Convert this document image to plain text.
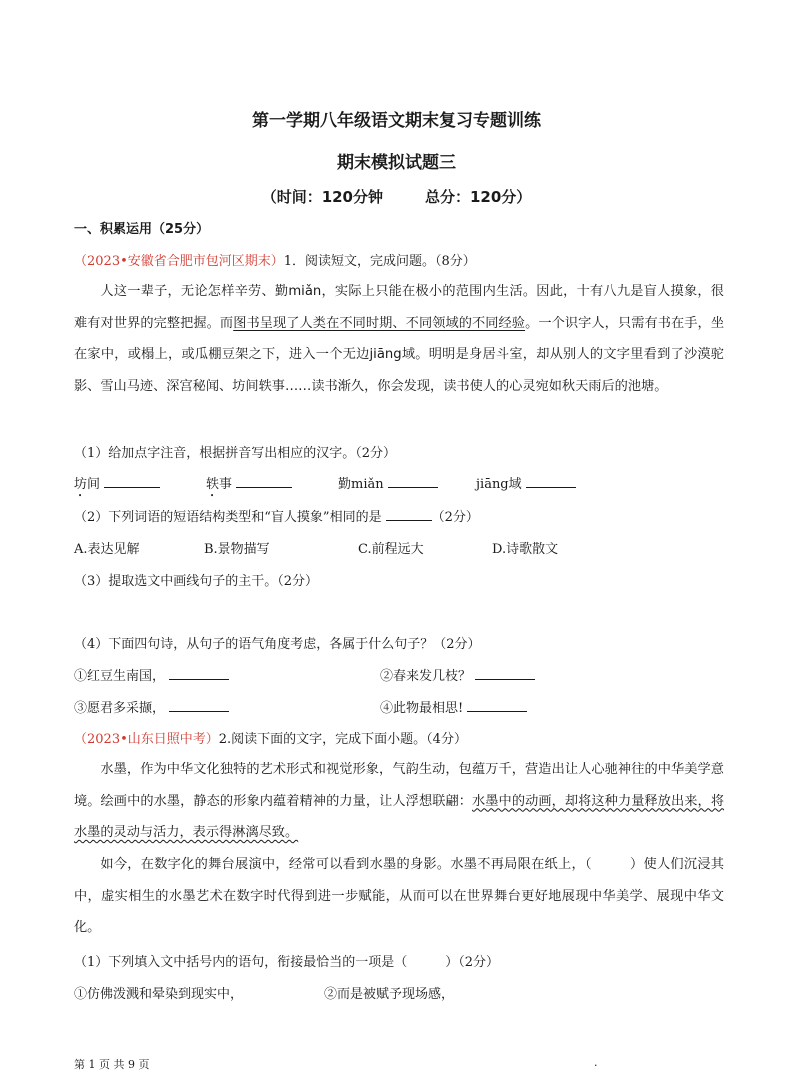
第一学期八年级语文期末复习专题训练
期末模拟试题三
（时间：120分钟	总分：120分）
一、积累运用（25分）
（2023•安徽省合肥市包河区期末）1．阅读短文，完成问题。（8分）
人这一辈子，无论怎样辛劳、勤miǎn，实际上只能在极小的范围内生活。因此，十有八九是盲人摸象，很难有对世界的完整把握。而图书呈现了人类在不同时期、不同领域的不同经验。一个识字人，只需有书在手，坐在家中，或榻上，或瓜棚豆架之下，进入一个无边jiāng域。明明是身居斗室，却从别人的文字里看到了沙漠驼影、雪山马迹、深宫秘闻、坊间轶事……读书渐久，你会发现，读书使人的心灵宛如秋天雨后的池塘。
（1）给加点字注音，根据拼音写出相应的汉字。（2分）
坊间	轶事	勤miǎn	jiāng域
（2）下列词语的短语结构类型和“盲人摸象”相同的是	（2分）
A.表达见解	B.景物描写	C.前程远大	D.诗歌散文
（3）提取选文中画线句子的主干。（2分）
（4）下面四句诗，从句子的语气角度考虑，各属于什么句子？（2分）
①红豆生南国，	②春来发几枝？
③愿君多采撷，	④此物最相思!
（2023•山东日照中考）2.阅读下面的文字，完成下面小题。（4分）
水墨，作为中华文化独特的艺术形式和视觉形象，气韵生动，包蕴万千，营造出让人心驰神往的中华美学意境。绘画中的水墨，静态的形象内蕴着精神的力量，让人浮想联翩：水墨中的动画，却将这种力量释放出来，将水墨的灵动与活力，表示得淋漓尽致。
如今，在数字化的舞台展演中，经常可以看到水墨的身影。水墨不再局限在纸上，（	）使人们沉浸其中，虚实相生的水墨艺术在数字时代得到进一步赋能，从而可以在世界舞台更好地展现中华美学、展现中华文化。
（1）下列填入文中括号内的语句，衔接最恰当的一项是（	）（2分）
①仿佛泼溅和晕染到现实中，	②而是被赋予现场感，
第 1 页 共 9 页	.
